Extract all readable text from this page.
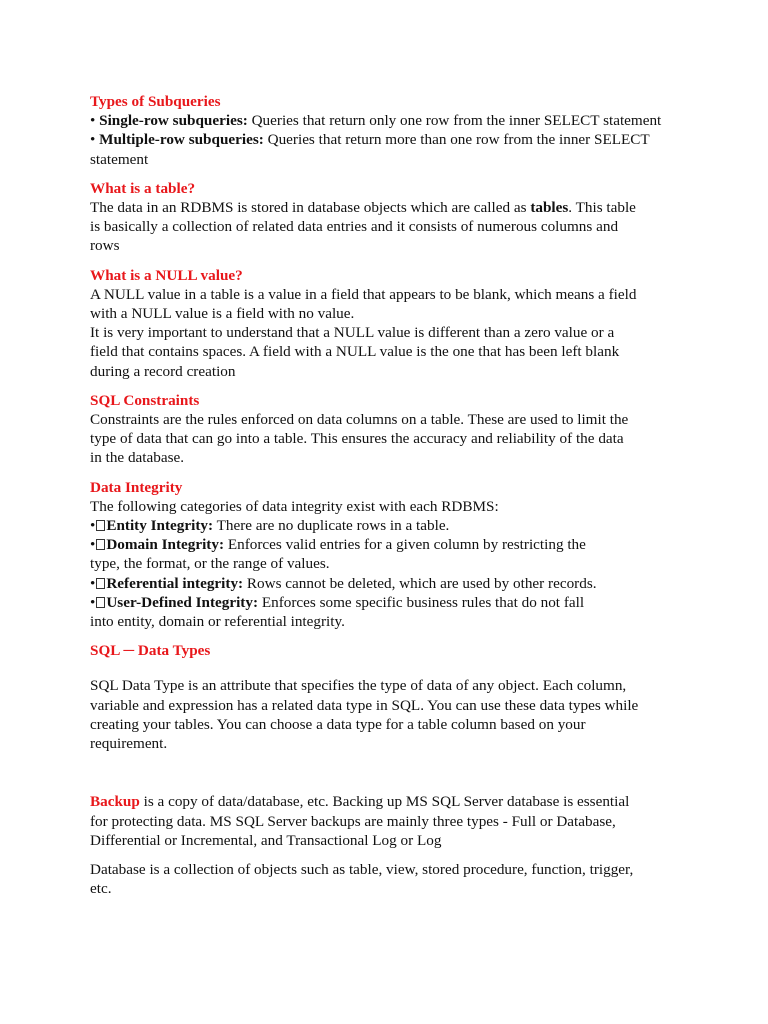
Types of Subqueries

• Single-row subqueries: Queries that return only one row from the inner SELECT statement

• Multiple-row subqueries: Queries that return more than one row from the inner SELECT

statement

What is a table?

The data in an RDBMS is stored in database objects which are called as tables. This table

is basically a collection of related data entries and it consists of numerous columns and

rows

What is a NULL value?

A NULL value in a table is a value in a field that appears to be blank, which means a field

with a NULL value is a field with no value.

It is very important to understand that a NULL value is different than a zero value or a

field that contains spaces. A field with a NULL value is the one that has been left blank

during a record creation

SQL Constraints

Constraints are the rules enforced on data columns on a table. These are used to limit the

type of data that can go into a table. This ensures the accuracy and reliability of the data

in the database.

Data Integrity

The following categories of data integrity exist with each RDBMS:

• Entity Integrity: There are no duplicate rows in a table.

• Domain Integrity: Enforces valid entries for a given column by restricting the

type, the format, or the range of values.

• Referential integrity: Rows cannot be deleted, which are used by other records.

• User-Defined Integrity: Enforces some specific business rules that do not fall

into entity, domain or referential integrity.

SQL ─ Data Types

SQL Data Type is an attribute that specifies the type of data of any object. Each column,

variable and expression has a related data type in SQL. You can use these data types while

creating your tables. You can choose a data type for a table column based on your

requirement.

Backup is a copy of data/database, etc. Backing up MS SQL Server database is essential

for protecting data. MS SQL Server backups are mainly three types - Full or Database,

Differential or Incremental, and Transactional Log or Log

Database is a collection of objects such as table, view, stored procedure, function, trigger,

etc.
